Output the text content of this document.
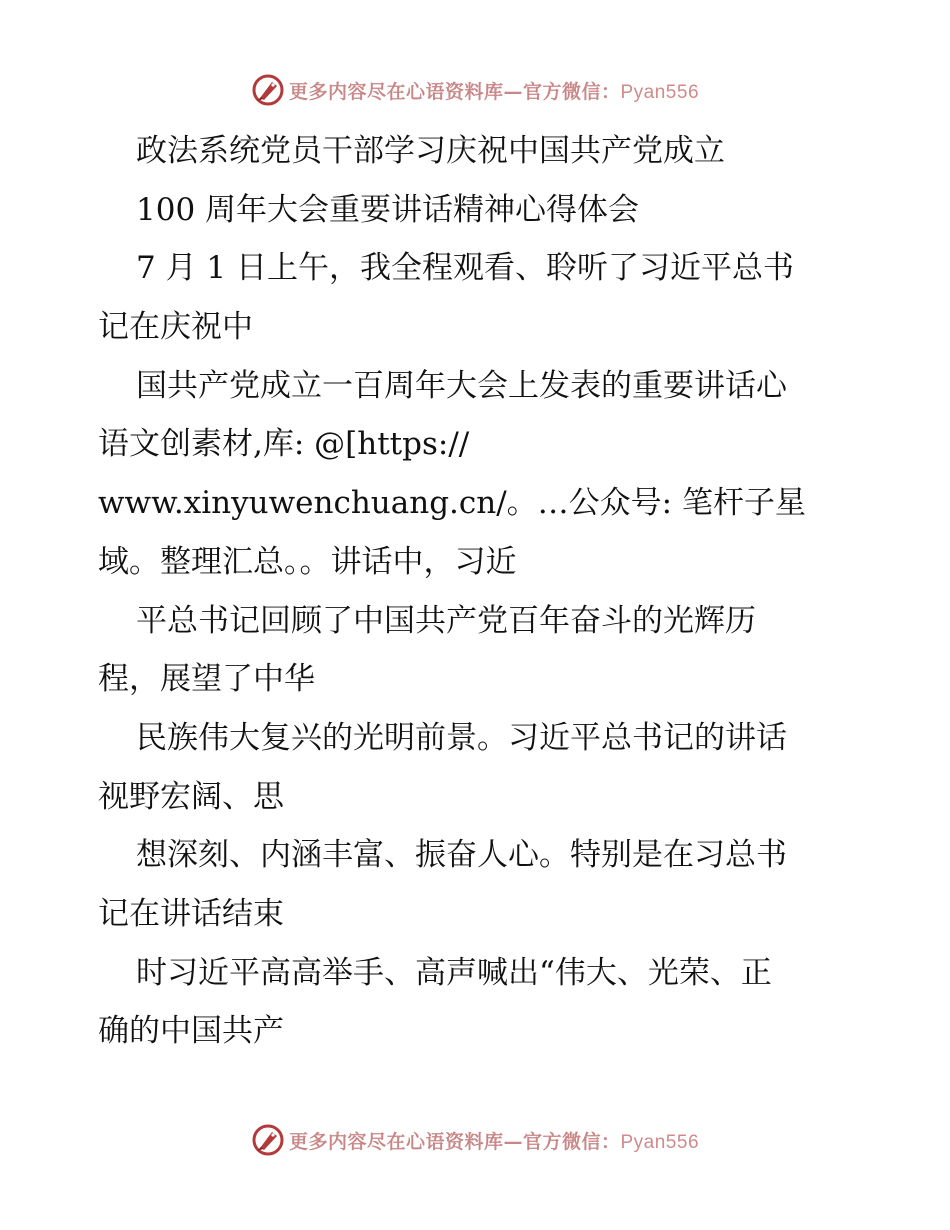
更多内容尽在心语资料库—官方微信：Pyan556
政法系统党员干部学习庆祝中国共产党成立
100 周年大会重要讲话精神心得体会
7 月 1 日上午，我全程观看、聆听了习近平总书
记在庆祝中
国共产党成立一百周年大会上发表的重要讲话心
语文创素材,库: @[https://
www.xinyuwenchuang.cn/。…公众号: 笔杆子星
域。整理汇总。。讲话中，习近
平总书记回顾了中国共产党百年奋斗的光辉历
程，展望了中华
民族伟大复兴的光明前景。习近平总书记的讲话
视野宏阔、思
想深刻、内涵丰富、振奋人心。特别是在习总书
记在讲话结束
时习近平高高举手、高声喊出“伟大、光荣、正
确的中国共产
更多内容尽在心语资料库—官方微信：Pyan556
